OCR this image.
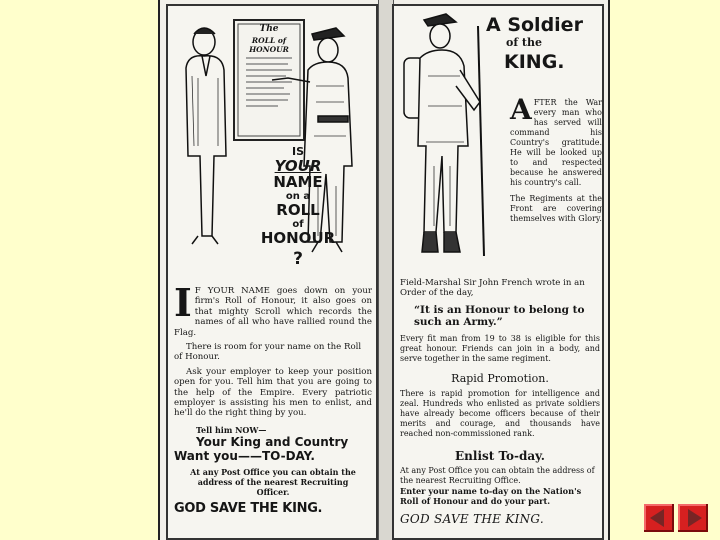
The
ROLL of HONOUR
IS
YOUR
NAME
on a
ROLL
of
HONOUR
?
I F YOUR NAME goes down on your firm's Roll of Honour, it also goes on that mighty Scroll which records the names of all who have rallied round the Flag.
There is room for your name on the Roll of Honour.
Ask your employer to keep your position open for you. Tell him that you are going to the help of the Empire. Every patriotic employer is assisting his men to enlist, and he'll do the right thing by you.
Tell him NOW—
Your King and Country
Want you——TO-DAY.
At any Post Office you can obtain the address of the nearest Recruiting Officer.
GOD SAVE THE KING.
A Soldier
of the
KING.
A FTER the War every man who has served will command his Country's gratitude. He will be looked up to and respected because he answered his country's call.
The Regiments at the Front are covering themselves with Glory.
Field-Marshal Sir John French wrote in an Order of the day,
“It is an Honour to belong to such an Army.”
Every fit man from 19 to 38 is eligible for this great honour. Friends can join in a body, and serve together in the same regiment.
Rapid Promotion.
There is rapid promotion for intelligence and zeal. Hundreds who enlisted as private soldiers have already become officers because of their merits and courage, and thousands have reached non-commissioned rank.
Enlist To-day.
At any Post Office you can obtain the address of the nearest Recruiting Office.
Enter your name to-day on the Nation's Roll of Honour and do your part.
GOD SAVE THE KING.
